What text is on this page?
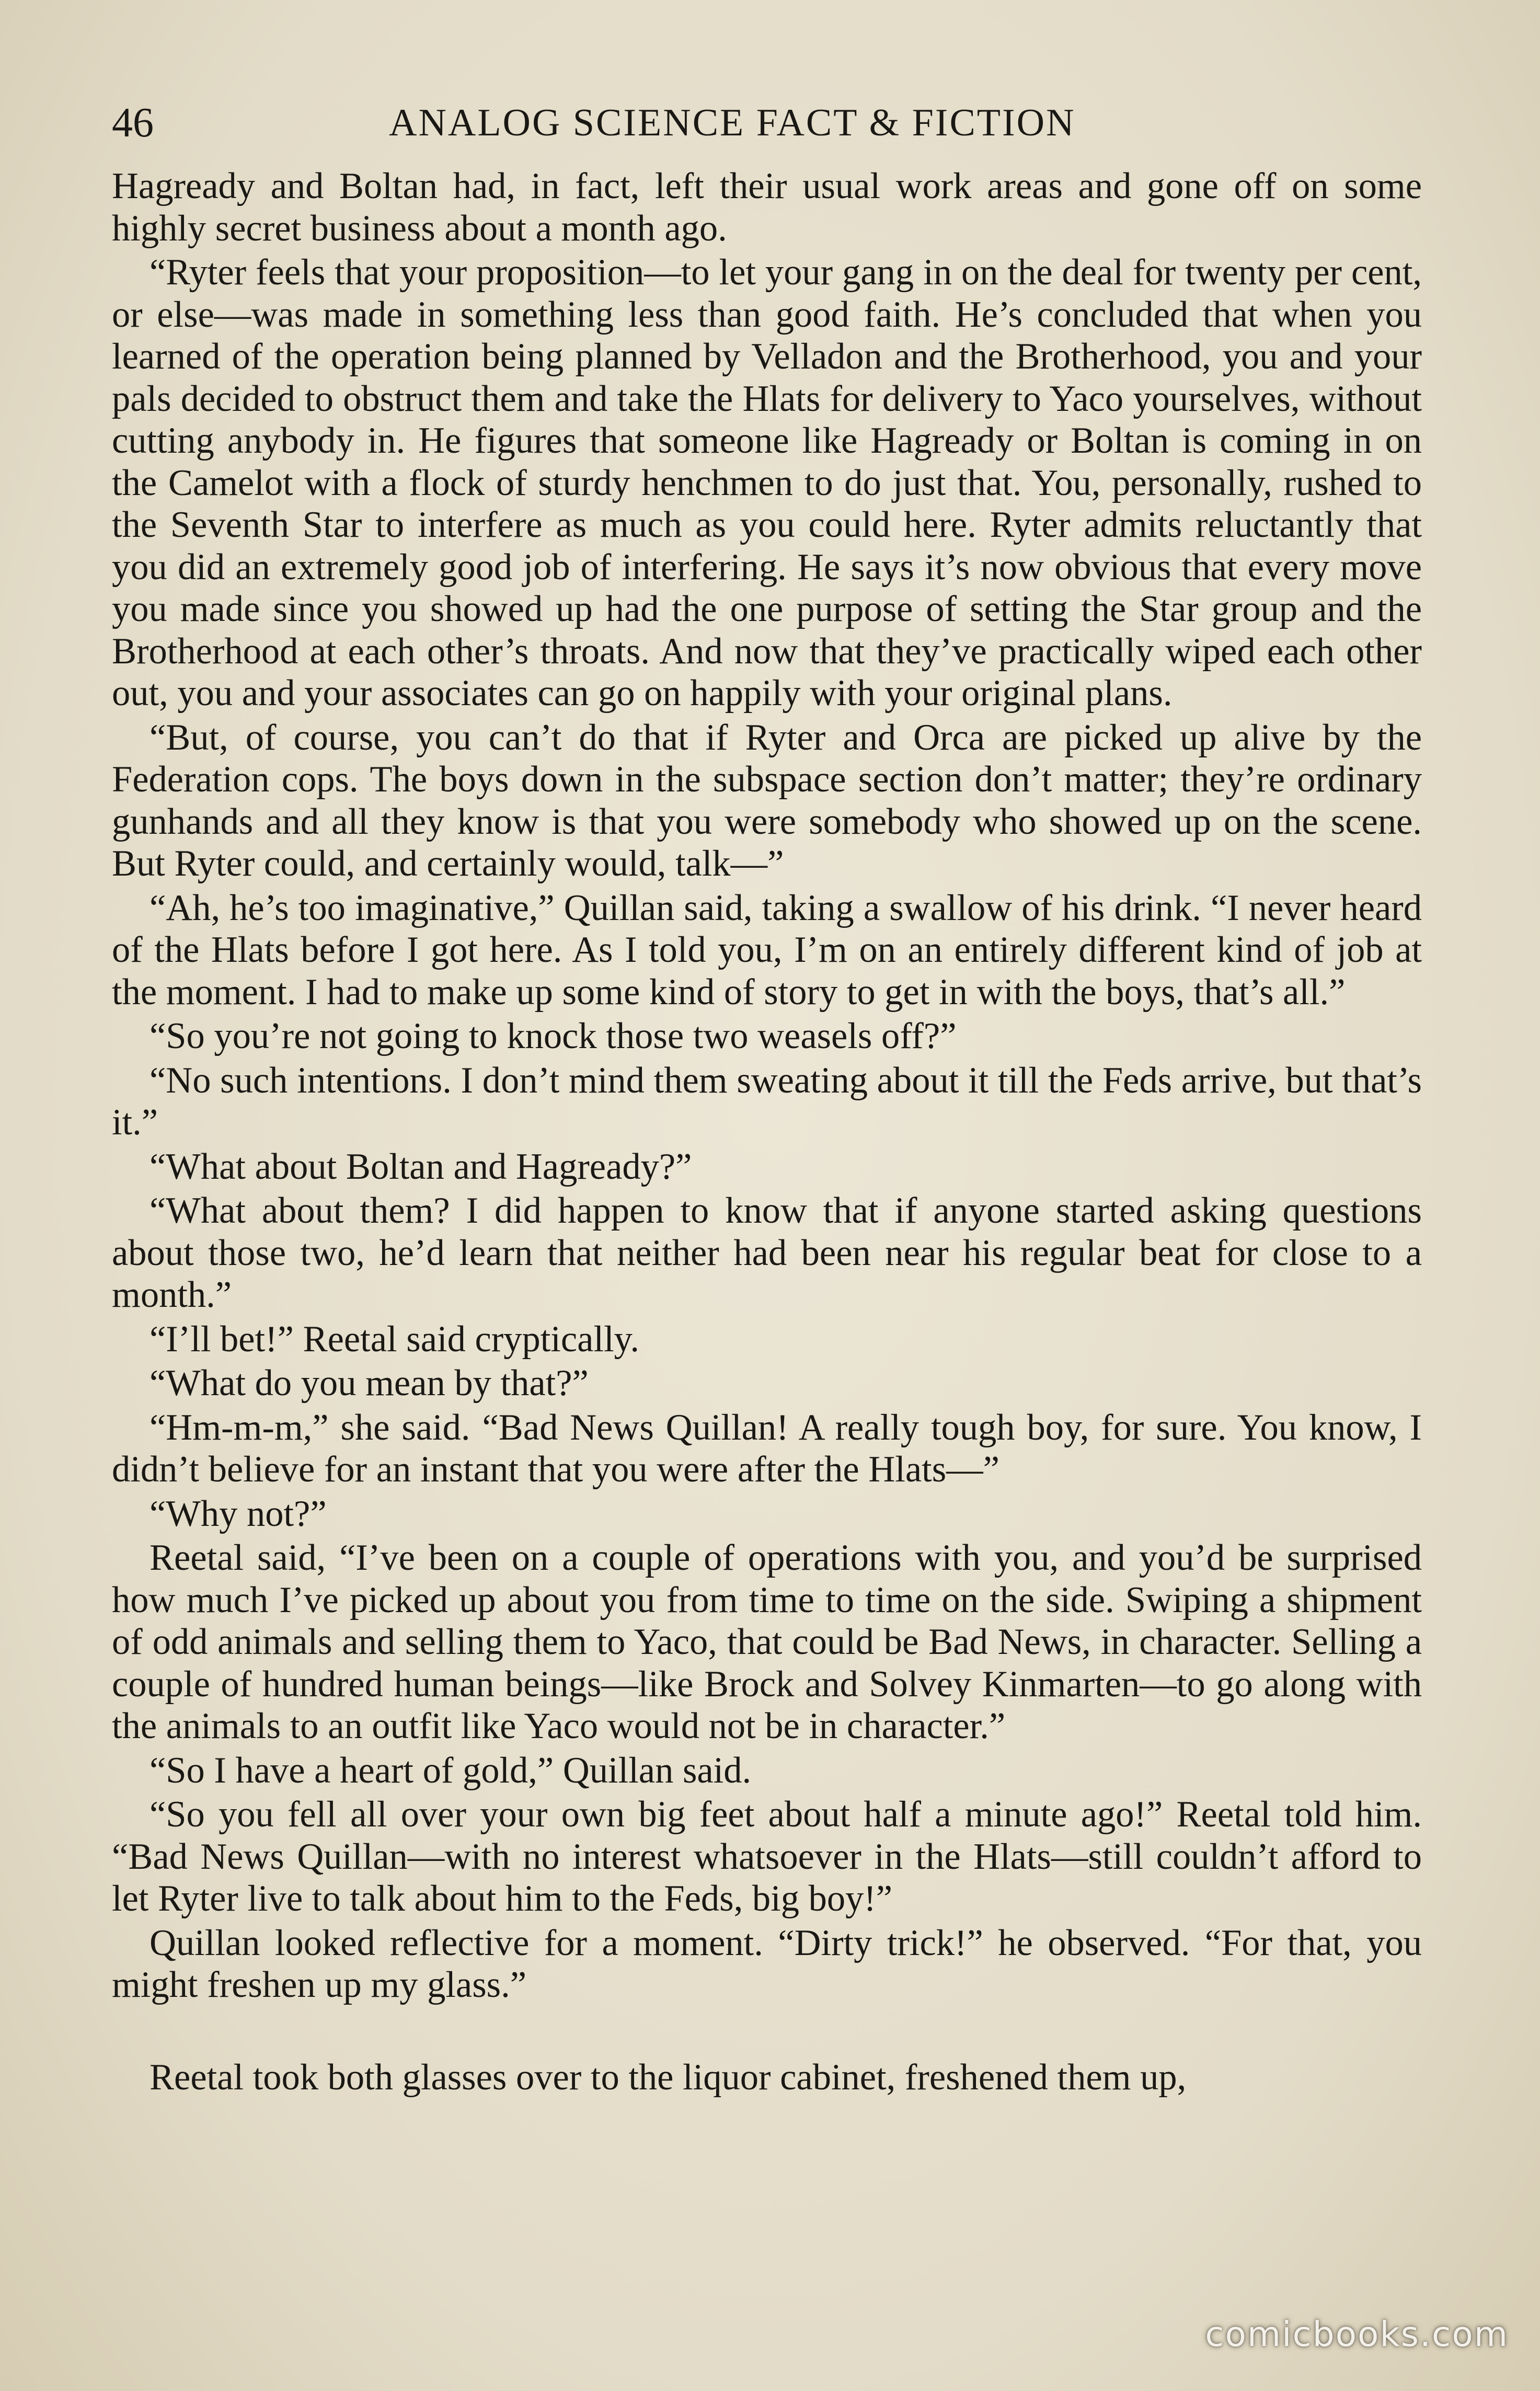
46	ANALOG SCIENCE FACT & FICTION

Hagready and Boltan had, in fact, left their usual work areas and gone off on some highly secret business about a month ago.

“Ryter feels that your proposition—to let your gang in on the deal for twenty per cent, or else—was made in something less than good faith. He’s concluded that when you learned of the operation being planned by Velladon and the Brotherhood, you and your pals decided to obstruct them and take the Hlats for delivery to Yaco yourselves, without cutting anybody in. He figures that someone like Hagready or Boltan is coming in on the Camelot with a flock of sturdy henchmen to do just that. You, personally, rushed to the Seventh Star to interfere as much as you could here. Ryter admits reluctantly that you did an extremely good job of interfering. He says it’s now obvious that every move you made since you showed up had the one purpose of setting the Star group and the Brotherhood at each other’s throats. And now that they’ve practically wiped each other out, you and your associates can go on happily with your original plans.

“But, of course, you can’t do that if Ryter and Orca are picked up alive by the Federation cops. The boys down in the subspace section don’t matter; they’re ordinary gunhands and all they know is that you were somebody who showed up on the scene. But Ryter could, and certainly would, talk—”

“Ah, he’s too imaginative,” Quillan said, taking a swallow of his drink. “I never heard of the Hlats before I got here. As I told you, I’m on an entirely different kind of job at the moment. I had to make up some kind of story to get in with the boys, that’s all.”

“So you’re not going to knock those two weasels off?”

“No such intentions. I don’t mind them sweating about it till the Feds arrive, but that’s it.”

“What about Boltan and Hagready?”

“What about them? I did happen to know that if anyone started asking questions about those two, he’d learn that neither had been near his regular beat for close to a month.”

“I’ll bet!” Reetal said cryptically.

“What do you mean by that?”

“Hm-m-m,” she said. “Bad News Quillan! A really tough boy, for sure. You know, I didn’t believe for an instant that you were after the Hlats—”

“Why not?”

Reetal said, “I’ve been on a couple of operations with you, and you’d be surprised how much I’ve picked up about you from time to time on the side. Swiping a shipment of odd animals and selling them to Yaco, that could be Bad News, in character. Selling a couple of hundred human beings—like Brock and Solvey Kinmarten—to go along with the animals to an outfit like Yaco would not be in character.”

“So I have a heart of gold,” Quillan said.

“So you fell all over your own big feet about half a minute ago!” Reetal told him. “Bad News Quillan—with no interest whatsoever in the Hlats—still couldn’t afford to let Ryter live to talk about him to the Feds, big boy!”

Quillan looked reflective for a moment. “Dirty trick!” he observed. “For that, you might freshen up my glass.”

Reetal took both glasses over to the liquor cabinet, freshened them up,

comicbooks.com
